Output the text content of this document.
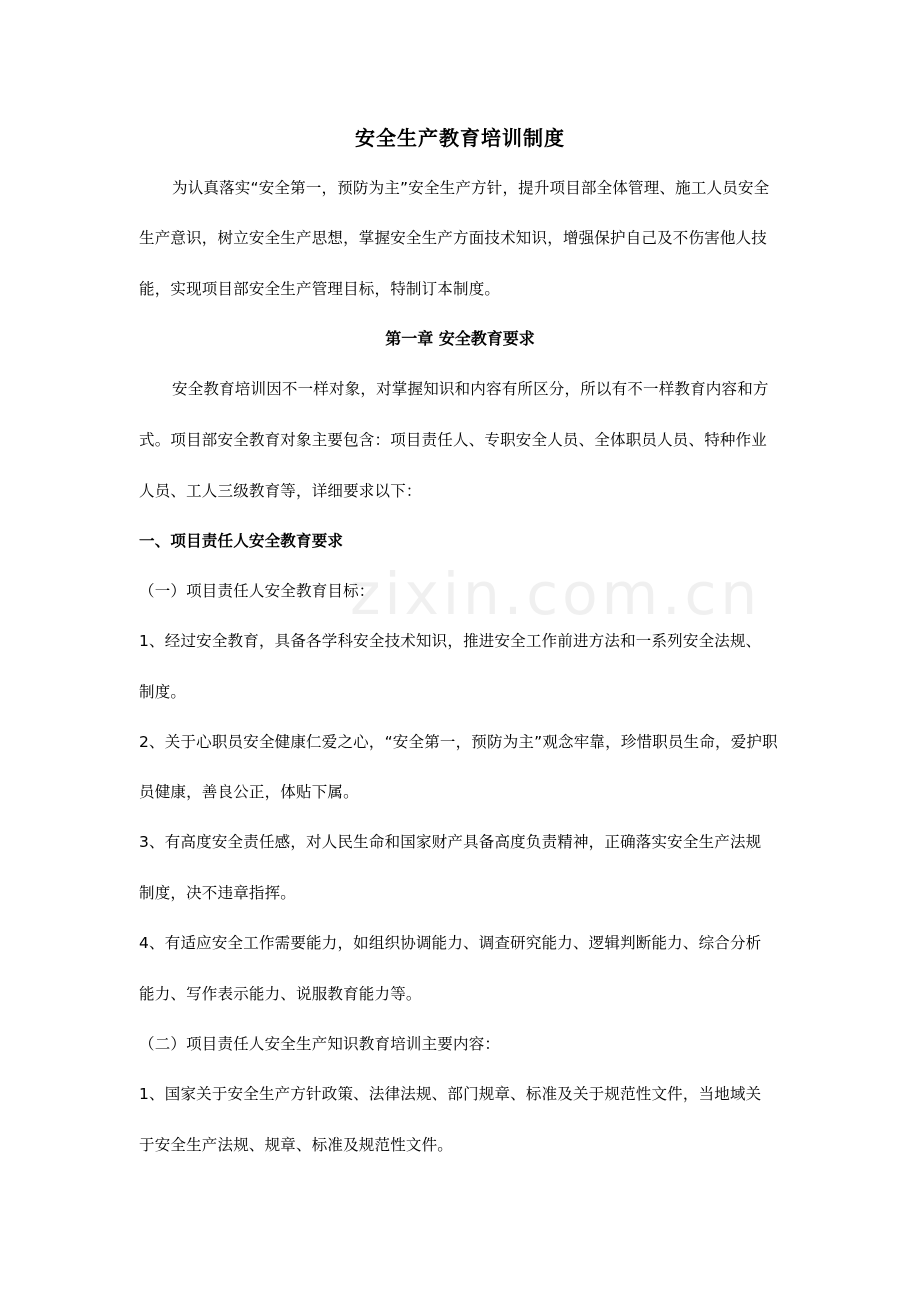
zixin.com.cn
安全生产教育培训制度
为认真落实“安全第一，预防为主”安全生产方针，提升项目部全体管理、施工人员安全
生产意识，树立安全生产思想，掌握安全生产方面技术知识，增强保护自己及不伤害他人技
能，实现项目部安全生产管理目标，特制订本制度。
第一章 安全教育要求
安全教育培训因不一样对象，对掌握知识和内容有所区分，所以有不一样教育内容和方
式。项目部安全教育对象主要包含：项目责任人、专职安全人员、全体职员人员、特种作业
人员、工人三级教育等，详细要求以下：
一、项目责任人安全教育要求
（一）项目责任人安全教育目标：
1、经过安全教育，具备各学科安全技术知识，推进安全工作前进方法和一系列安全法规、
制度。
2、关于心职员安全健康仁爱之心，“安全第一，预防为主”观念牢靠，珍惜职员生命，爱护职
员健康，善良公正，体贴下属。
3、有高度安全责任感，对人民生命和国家财产具备高度负责精神，正确落实安全生产法规
制度，决不违章指挥。
4、有适应安全工作需要能力，如组织协调能力、调查研究能力、逻辑判断能力、综合分析
能力、写作表示能力、说服教育能力等。
（二）项目责任人安全生产知识教育培训主要内容：
1、国家关于安全生产方针政策、法律法规、部门规章、标准及关于规范性文件，当地域关
于安全生产法规、规章、标准及规范性文件。
